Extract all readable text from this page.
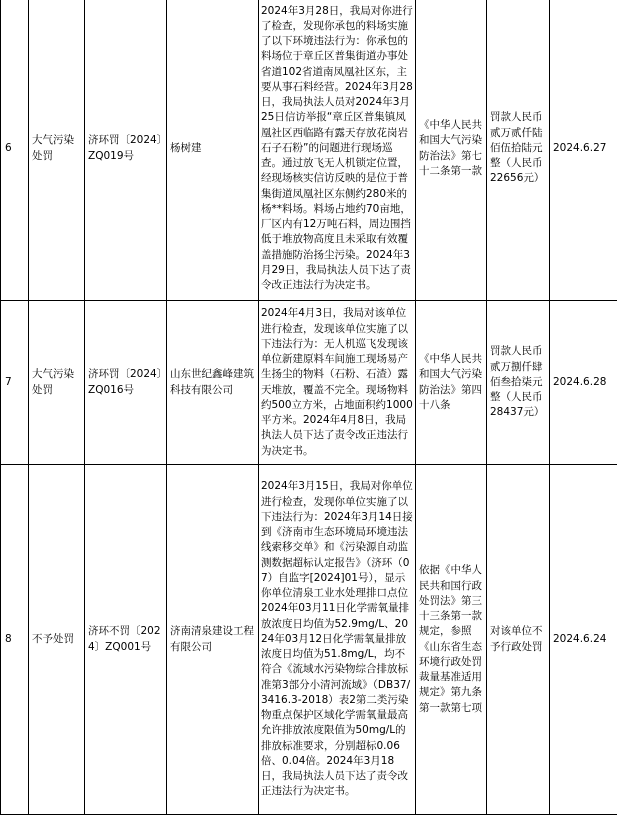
6	大气污染处罚	济环罚〔2024〕ZQ019号	杨树建	2024年3月28日，我局对你进行了检查，发现你承包的料场实施了以下环境违法行为：你承包的料场位于章丘区普集街道办事处省道102省道南凤凰社区东，主要从事石料经营。2024年3月28日，我局执法人员对2024年3月25日信访举报“章丘区普集镇凤凰社区西临路有露天存放花岗岩石子石粉”的问题进行现场巡查。通过放飞无人机锁定位置，经现场核实信访反映的是位于普集街道凤凰社区东侧约280米的杨**料场。料场占地约70亩地，厂区内有12万吨石料，周边围挡低于堆放物高度且未采取有效覆盖措施防治扬尘污染。2024年3月29日，我局执法人员下达了责令改正违法行为决定书。	《中华人民共和国大气污染防治法》第七十二条第一款	罚款人民币贰万贰仟陆佰伍拾陆元整（人民币22656元）	2024.6.27
7	大气污染处罚	济环罚〔2024〕ZQ016号	山东世纪鑫峰建筑科技有限公司	2024年4月3日，我局对该单位进行检查，发现该单位实施了以下违法行为：无人机巡飞发现该单位新建原料车间施工现场易产生扬尘的物料（石粉、石渣）露天堆放，覆盖不完全。现场物料约500立方米，占地面积约1000平方米。2024年4月8日，我局执法人员下达了责令改正违法行为决定书。	《中华人民共和国大气污染防治法》第四十八条	罚款人民币贰万捌仟肆佰叁拾柒元整（人民币28437元）	2024.6.28
8	不予处罚	济环不罚〔2024〕ZQ001号	济南清泉建设工程有限公司	2024年3月15日，我局对你单位进行检查，发现你单位实施了以下违法行为：2024年3月14日接到《济南市生态环境局环境违法线索移交单》和《污染源自动监测数据超标认定报告》（济环（07）自监字[2024]01号），显示你单位清泉工业水处理排口点位2024年03月11日化学需氧量排放浓度日均值为52.9mg/L、2024年03月12日化学需氧量排放浓度日均值为51.8mg/L，均不符合《流域水污染物综合排放标准第3部分小清河流域》（DB37/3416.3-2018）表2第二类污染物重点保护区域化学需氧量最高允许排放浓度限值为50mg/L的排放标准要求，分别超标0.06倍、0.04倍。2024年3月18日，我局执法人员下达了责令改正违法行为决定书。	依据《中华人民共和国行政处罚法》第三十三条第一款规定，参照《山东省生态环境行政处罚裁量基准适用规定》第九条第一款第七项	对该单位不予行政处罚	2024.6.24
